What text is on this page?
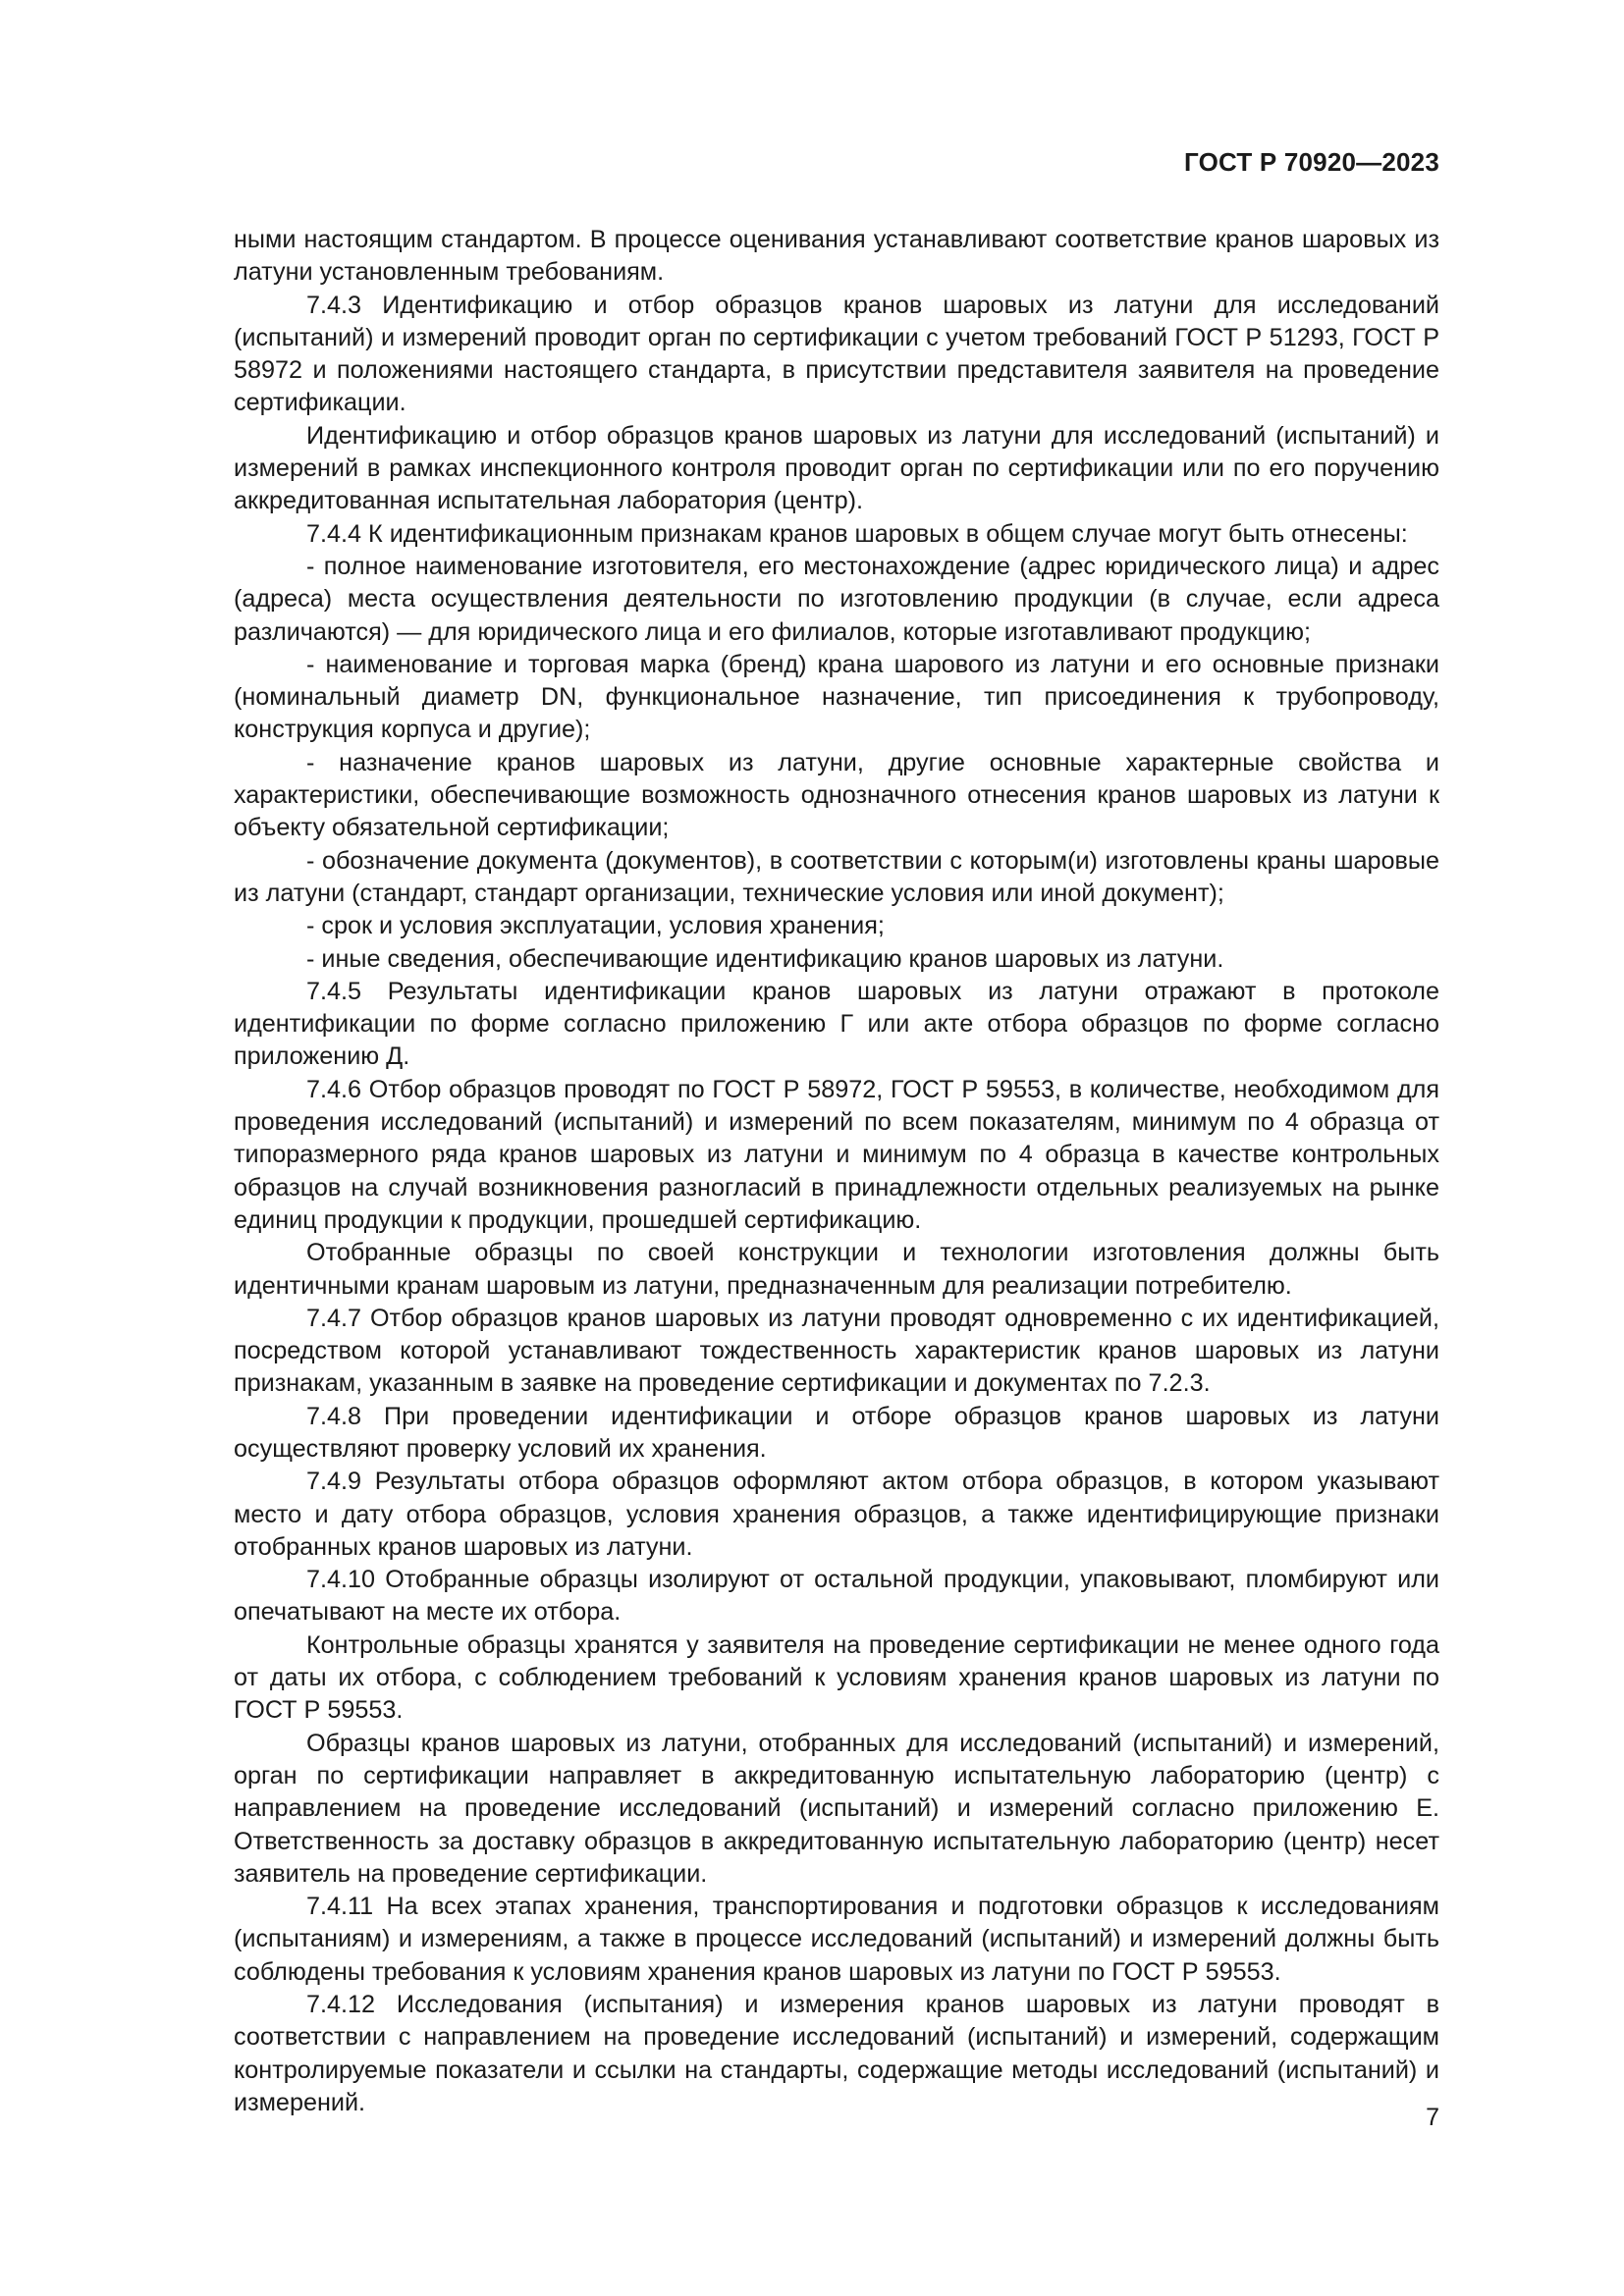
ГОСТ Р 70920—2023

ными настоящим стандартом. В процессе оценивания устанавливают соответствие кранов шаровых из латуни установленным требованиям.

7.4.3 Идентификацию и отбор образцов кранов шаровых из латуни для исследований (испытаний) и измерений проводит орган по сертификации с учетом требований ГОСТ Р 51293, ГОСТ Р 58972 и положениями настоящего стандарта, в присутствии представителя заявителя на проведение сертификации.

Идентификацию и отбор образцов кранов шаровых из латуни для исследований (испытаний) и измерений в рамках инспекционного контроля проводит орган по сертификации или по его поручению аккредитованная испытательная лаборатория (центр).

7.4.4 К идентификационным признакам кранов шаровых в общем случае могут быть отнесены:

- полное наименование изготовителя, его местонахождение (адрес юридического лица) и адрес (адреса) места осуществления деятельности по изготовлению продукции (в случае, если адреса различаются) — для юридического лица и его филиалов, которые изготавливают продукцию;

- наименование и торговая марка (бренд) крана шарового из латуни и его основные признаки (номинальный диаметр DN, функциональное назначение, тип присоединения к трубопроводу, конструкция корпуса и другие);

- назначение кранов шаровых из латуни, другие основные характерные свойства и характеристики, обеспечивающие возможность однозначного отнесения кранов шаровых из латуни к объекту обязательной сертификации;

- обозначение документа (документов), в соответствии с которым(и) изготовлены краны шаровые из латуни (стандарт, стандарт организации, технические условия или иной документ);

- срок и условия эксплуатации, условия хранения;

- иные сведения, обеспечивающие идентификацию кранов шаровых из латуни.

7.4.5 Результаты идентификации кранов шаровых из латуни отражают в протоколе идентификации по форме согласно приложению Г или акте отбора образцов по форме согласно приложению Д.

7.4.6 Отбор образцов проводят по ГОСТ Р 58972, ГОСТ Р 59553, в количестве, необходимом для проведения исследований (испытаний) и измерений по всем показателям, минимум по 4 образца от типоразмерного ряда кранов шаровых из латуни и минимум по 4 образца в качестве контрольных образцов на случай возникновения разногласий в принадлежности отдельных реализуемых на рынке единиц продукции к продукции, прошедшей сертификацию.

Отобранные образцы по своей конструкции и технологии изготовления должны быть идентичными кранам шаровым из латуни, предназначенным для реализации потребителю.

7.4.7 Отбор образцов кранов шаровых из латуни проводят одновременно с их идентификацией, посредством которой устанавливают тождественность характеристик кранов шаровых из латуни признакам, указанным в заявке на проведение сертификации и документах по 7.2.3.

7.4.8 При проведении идентификации и отборе образцов кранов шаровых из латуни осуществляют проверку условий их хранения.

7.4.9 Результаты отбора образцов оформляют актом отбора образцов, в котором указывают место и дату отбора образцов, условия хранения образцов, а также идентифицирующие признаки отобранных кранов шаровых из латуни.

7.4.10 Отобранные образцы изолируют от остальной продукции, упаковывают, пломбируют или опечатывают на месте их отбора.

Контрольные образцы хранятся у заявителя на проведение сертификации не менее одного года от даты их отбора, с соблюдением требований к условиям хранения кранов шаровых из латуни по ГОСТ Р 59553.

Образцы кранов шаровых из латуни, отобранных для исследований (испытаний) и измерений, орган по сертификации направляет в аккредитованную испытательную лабораторию (центр) с направлением на проведение исследований (испытаний) и измерений согласно приложению Е. Ответственность за доставку образцов в аккредитованную испытательную лабораторию (центр) несет заявитель на проведение сертификации.

7.4.11 На всех этапах хранения, транспортирования и подготовки образцов к исследованиям (испытаниям) и измерениям, а также в процессе исследований (испытаний) и измерений должны быть соблюдены требования к условиям хранения кранов шаровых из латуни по ГОСТ Р 59553.

7.4.12 Исследования (испытания) и измерения кранов шаровых из латуни проводят в соответствии с направлением на проведение исследований (испытаний) и измерений, содержащим контролируемые показатели и ссылки на стандарты, содержащие методы исследований (испытаний) и измерений.

7
